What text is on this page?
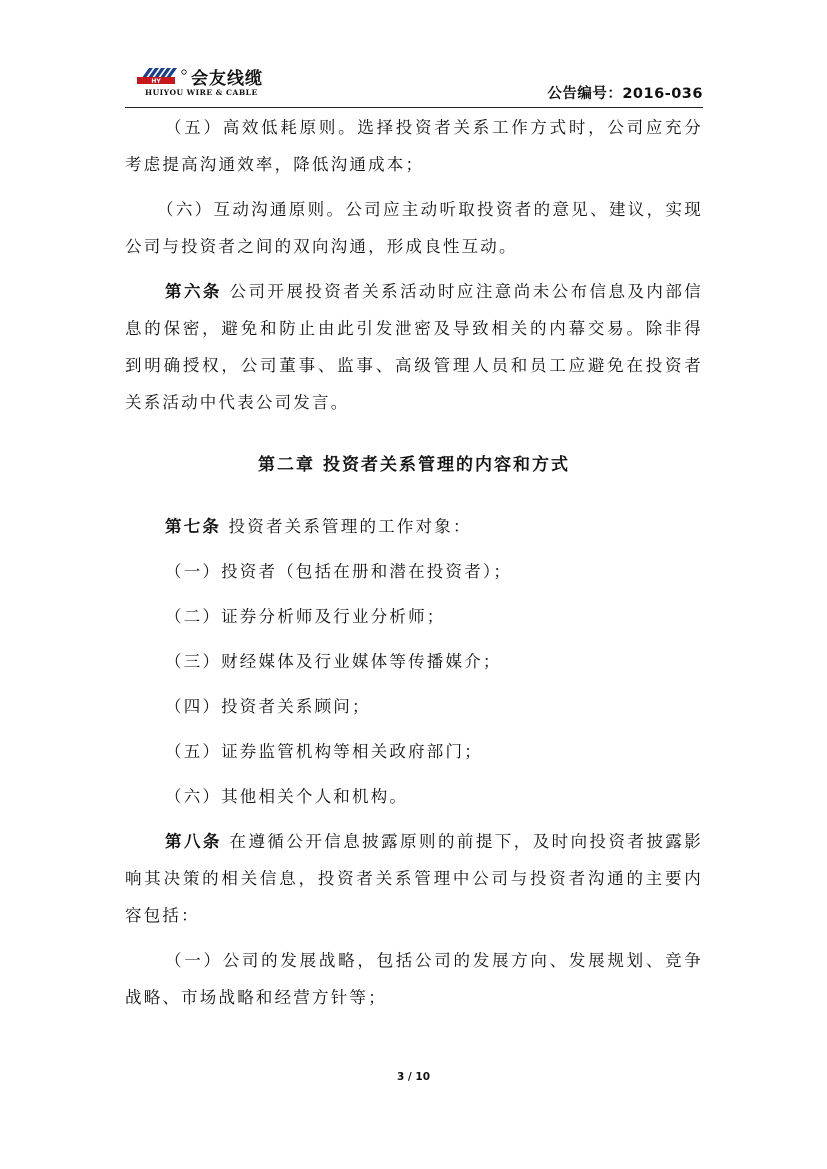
HY 会友线缆
HUIYOU WIRE & CABLE	公告编号：2016-036

（五）高效低耗原则。选择投资者关系工作方式时，公司应充分考虑提高沟通效率，降低沟通成本；

（六）互动沟通原则。公司应主动听取投资者的意见、建议，实现公司与投资者之间的双向沟通，形成良性互动。

第六条 公司开展投资者关系活动时应注意尚未公布信息及内部信息的保密，避免和防止由此引发泄密及导致相关的内幕交易。除非得到明确授权，公司董事、监事、高级管理人员和员工应避免在投资者关系活动中代表公司发言。

第二章 投资者关系管理的内容和方式

第七条 投资者关系管理的工作对象：

（一）投资者（包括在册和潜在投资者）；

（二）证券分析师及行业分析师；

（三）财经媒体及行业媒体等传播媒介；

（四）投资者关系顾问；

（五）证券监管机构等相关政府部门；

（六）其他相关个人和机构。

第八条 在遵循公开信息披露原则的前提下，及时向投资者披露影响其决策的相关信息，投资者关系管理中公司与投资者沟通的主要内容包括：

（一）公司的发展战略，包括公司的发展方向、发展规划、竞争战略、市场战略和经营方针等；

3 / 10
